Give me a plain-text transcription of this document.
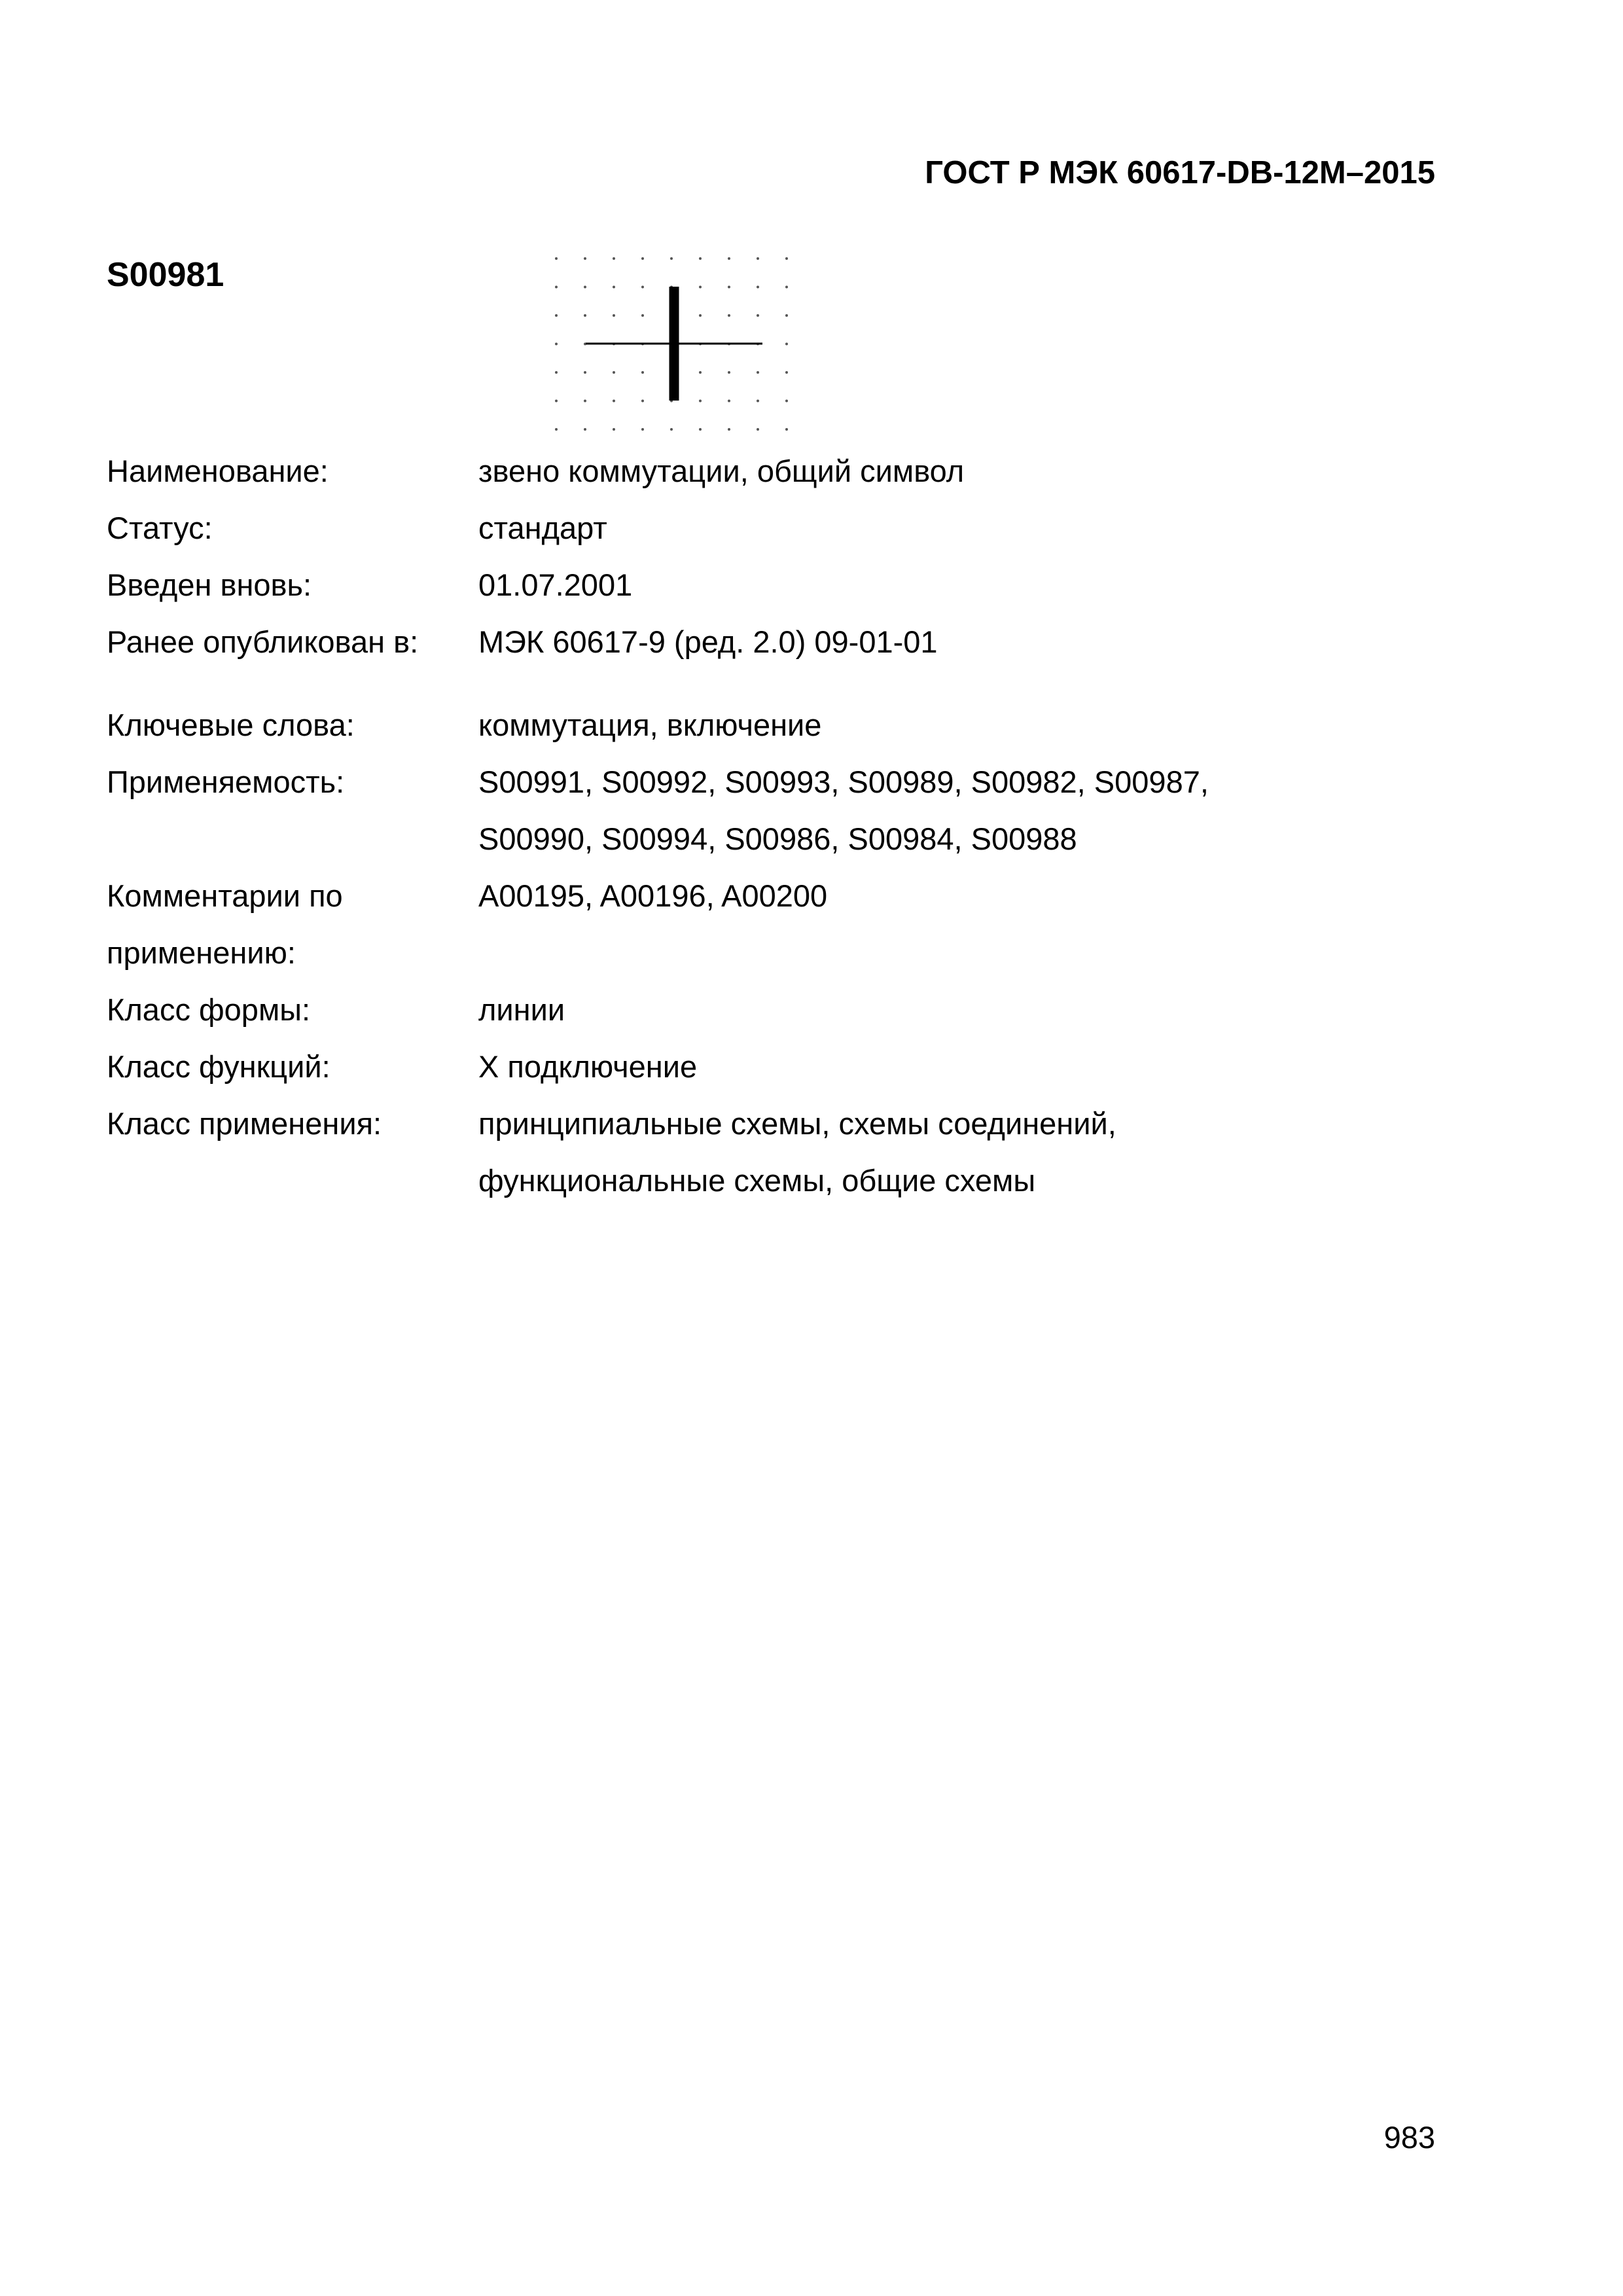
ГОСТ Р МЭК 60617-DB-12M–2015
S00981
Наименование:	звено коммутации, общий символ
Статус:	стандарт
Введен вновь:	01.07.2001
Ранее опубликован в:	МЭК 60617-9 (ред. 2.0) 09-01-01

Ключевые слова:	коммутация, включение
Применяемость:	S00991, S00992, S00993, S00989, S00982, S00987,
S00990, S00994, S00986, S00984, S00988

Комментарии по
применению:	A00195, A00196, A00200
Класс формы:	линии
Класс функций:	X подключение
Класс применения:	принципиальные схемы, схемы соединений,
функциональные схемы, общие схемы
983
